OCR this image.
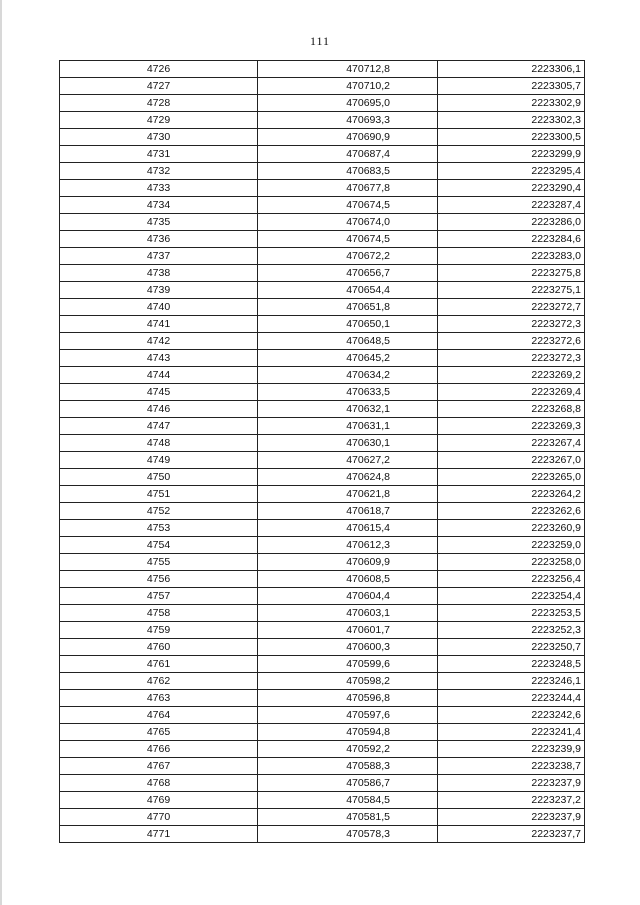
111
4726	470712,8	2223306,1
4727	470710,2	2223305,7
4728	470695,0	2223302,9
4729	470693,3	2223302,3
4730	470690,9	2223300,5
4731	470687,4	2223299,9
4732	470683,5	2223295,4
4733	470677,8	2223290,4
4734	470674,5	2223287,4
4735	470674,0	2223286,0
4736	470674,5	2223284,6
4737	470672,2	2223283,0
4738	470656,7	2223275,8
4739	470654,4	2223275,1
4740	470651,8	2223272,7
4741	470650,1	2223272,3
4742	470648,5	2223272,6
4743	470645,2	2223272,3
4744	470634,2	2223269,2
4745	470633,5	2223269,4
4746	470632,1	2223268,8
4747	470631,1	2223269,3
4748	470630,1	2223267,4
4749	470627,2	2223267,0
4750	470624,8	2223265,0
4751	470621,8	2223264,2
4752	470618,7	2223262,6
4753	470615,4	2223260,9
4754	470612,3	2223259,0
4755	470609,9	2223258,0
4756	470608,5	2223256,4
4757	470604,4	2223254,4
4758	470603,1	2223253,5
4759	470601,7	2223252,3
4760	470600,3	2223250,7
4761	470599,6	2223248,5
4762	470598,2	2223246,1
4763	470596,8	2223244,4
4764	470597,6	2223242,6
4765	470594,8	2223241,4
4766	470592,2	2223239,9
4767	470588,3	2223238,7
4768	470586,7	2223237,9
4769	470584,5	2223237,2
4770	470581,5	2223237,9
4771	470578,3	2223237,7
